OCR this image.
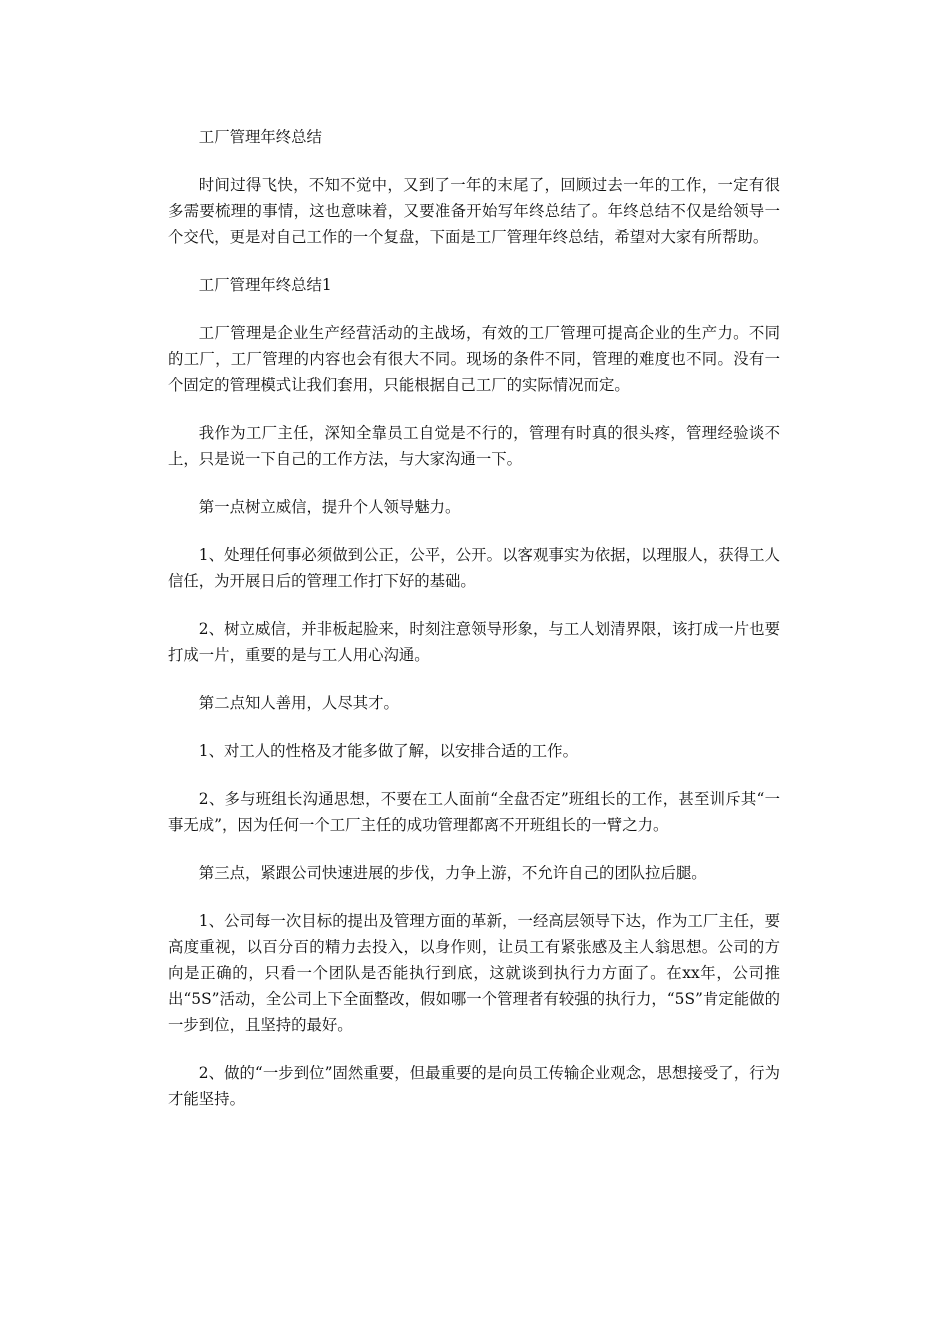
工厂管理年终总结

时间过得飞快，不知不觉中，又到了一年的末尾了，回顾过去一年的工作，一定有很多需要梳理的事情，这也意味着，又要准备开始写年终总结了。年终总结不仅是给领导一个交代，更是对自己工作的一个复盘，下面是工厂管理年终总结，希望对大家有所帮助。

工厂管理年终总结1

工厂管理是企业生产经营活动的主战场，有效的工厂管理可提高企业的生产力。不同的工厂，工厂管理的内容也会有很大不同。现场的条件不同，管理的难度也不同。没有一个固定的管理模式让我们套用，只能根据自己工厂的实际情况而定。

我作为工厂主任，深知全靠员工自觉是不行的，管理有时真的很头疼，管理经验谈不上，只是说一下自己的工作方法，与大家沟通一下。

第一点树立威信，提升个人领导魅力。

1、处理任何事必须做到公正，公平，公开。以客观事实为依据，以理服人，获得工人信任，为开展日后的管理工作打下好的基础。

2、树立威信，并非板起脸来，时刻注意领导形象，与工人划清界限，该打成一片也要打成一片，重要的是与工人用心沟通。

第二点知人善用，人尽其才。

1、对工人的性格及才能多做了解，以安排合适的工作。

2、多与班组长沟通思想，不要在工人面前“全盘否定”班组长的工作，甚至训斥其“一事无成”，因为任何一个工厂主任的成功管理都离不开班组长的一臂之力。

第三点，紧跟公司快速进展的步伐，力争上游，不允许自己的团队拉后腿。

1、公司每一次目标的提出及管理方面的革新，一经高层领导下达，作为工厂主任，要高度重视，以百分百的精力去投入，以身作则，让员工有紧张感及主人翁思想。公司的方向是正确的，只看一个团队是否能执行到底，这就谈到执行力方面了。在xx年，公司推出“5S”活动，全公司上下全面整改，假如哪一个管理者有较强的执行力，“5S”肯定能做的一步到位，且坚持的最好。

2、做的“一步到位”固然重要，但最重要的是向员工传输企业观念，思想接受了，行为才能坚持。
